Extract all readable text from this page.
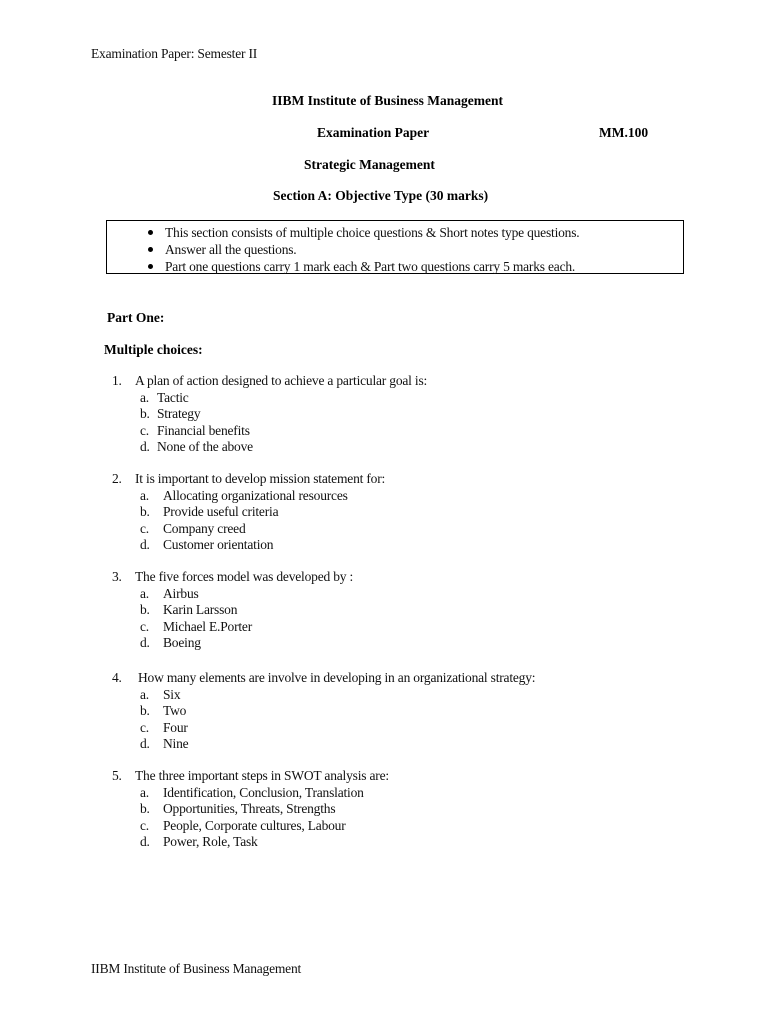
Examination Paper: Semester II
IIBM Institute of Business Management
Examination Paper	MM.100
Strategic Management
Section A: Objective Type (30 marks)
This section consists of multiple choice questions & Short notes type questions.
Answer all the questions.
Part one questions carry 1 mark each & Part two questions carry 5 marks each.
Part One:
Multiple choices:
1. A plan of action designed to achieve a particular goal is:
a. Tactic
b. Strategy
c. Financial benefits
d. None of the above
2. It is important to develop mission statement for:
a. Allocating organizational resources
b. Provide useful criteria
c. Company creed
d. Customer orientation
3. The five forces model was developed by :
a. Airbus
b. Karin Larsson
c. Michael E.Porter
d. Boeing
4. How many elements are involve in developing in an organizational strategy:
a. Six
b. Two
c. Four
d. Nine
5. The three important steps in SWOT analysis are:
a. Identification, Conclusion, Translation
b. Opportunities, Threats, Strengths
c. People, Corporate cultures, Labour
d. Power, Role, Task
IIBM Institute of Business Management
